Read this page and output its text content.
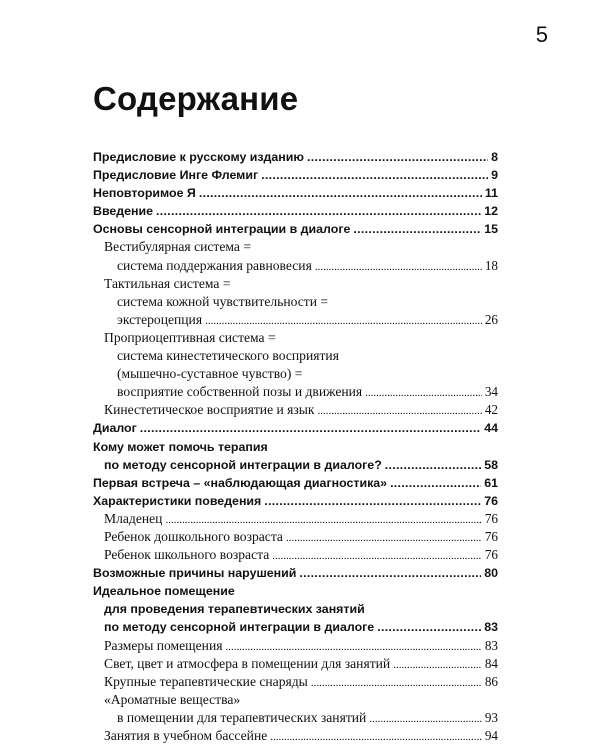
5
Содержание
Предисловие к русскому изданию .....	8
Предисловие Инге Флемиг .....	9
Неповторимое Я .....	11
Введение .....	12
Основы сенсорной интеграции в диалоге .....	15
Вестибулярная система =
система поддержания равновесия .....	18
Тактильная система =
система кожной чувствительности =
экстероцепция .....	26
Проприоцептивная система =
система кинестетического восприятия
(мышечно-суставное чувство) =
восприятие собственной позы и движения .....	34
Кинестетическое восприятие и язык .....	42
Диалог .....	44
Кому может помочь терапия
по методу сенсорной интеграции в диалоге? .....	58
Первая встреча – «наблюдающая диагностика» .....	61
Характеристики поведения .....	76
Младенец .....	76
Ребенок дошкольного возраста .....	76
Ребенок школьного возраста .....	76
Возможные причины нарушений .....	80
Идеальное помещение
для проведения терапевтических занятий
по методу сенсорной интеграции в диалоге .....	83
Размеры помещения .....	83
Свет, цвет и атмосфера в помещении для занятий .....	84
Крупные терапевтические снаряды .....	86
«Ароматные вещества»
в помещении для терапевтических занятий .....	93
Занятия в учебном бассейне .....	94
